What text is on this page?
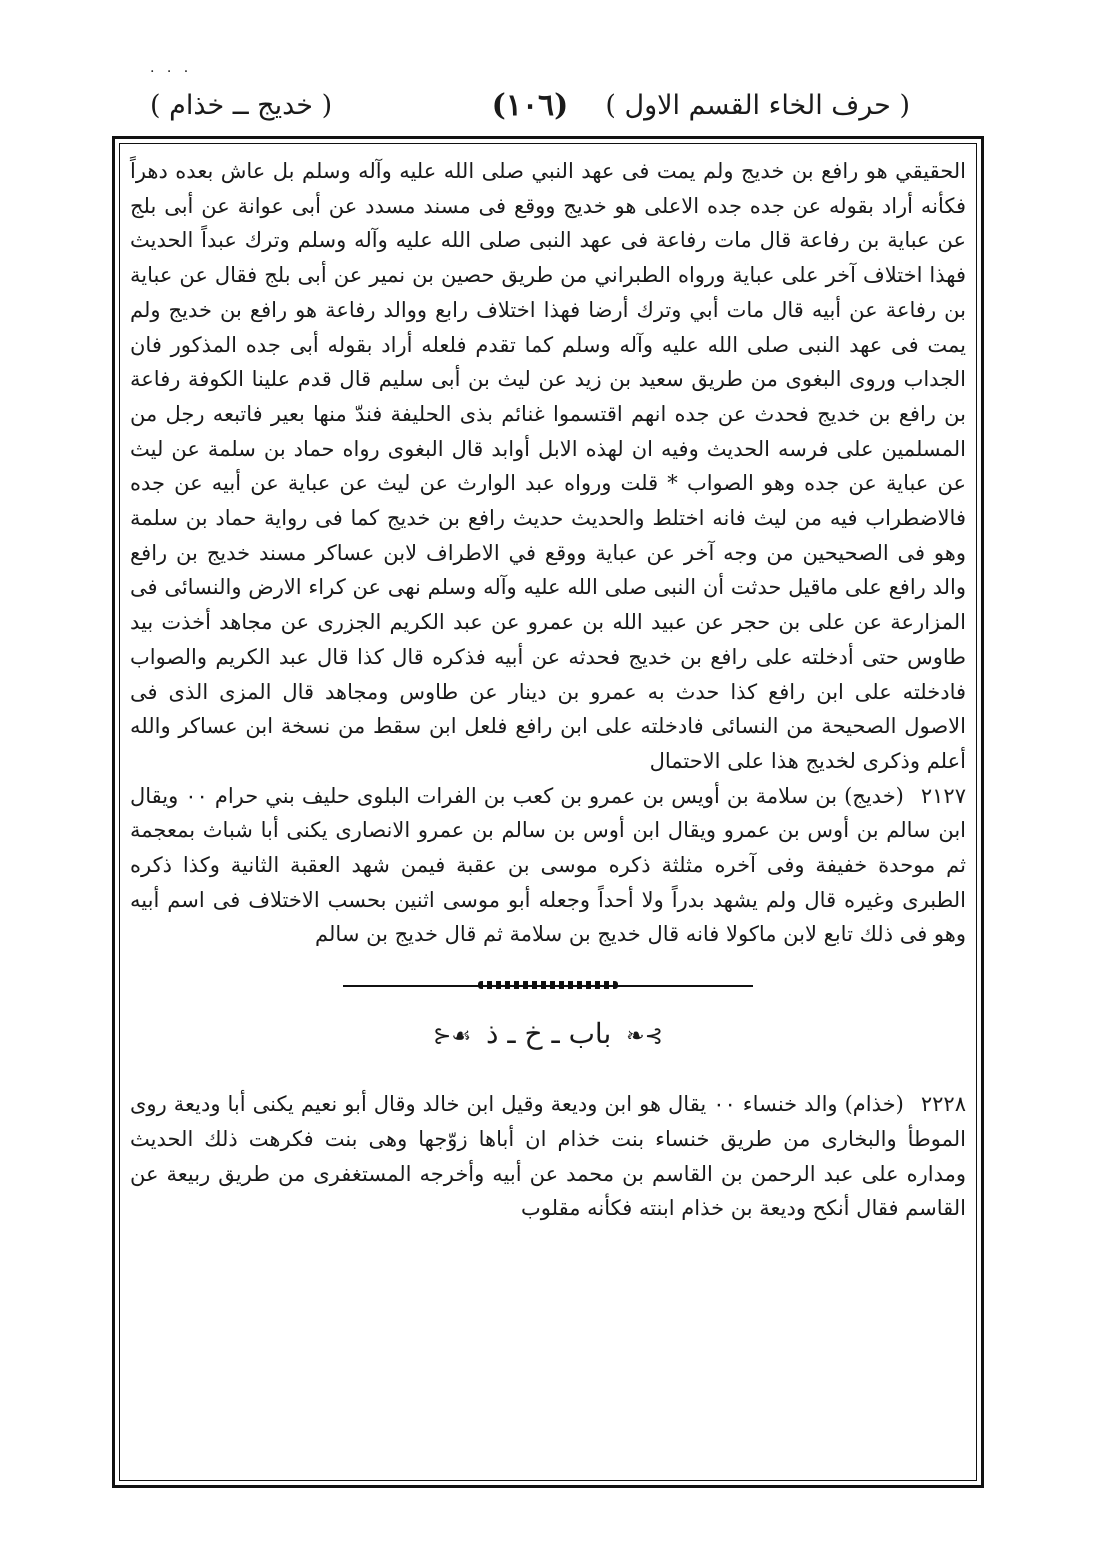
. . .
( حرف الخاء القسم الاول )
(١٠٦)
( خديج ــ خذام )

الحقيقي هو رافع بن خديج ولم يمت فى عهد النبي صلى الله عليه وآله وسلم بل عاش بعده دهراً فكأنه أراد بقوله عن جده جده الاعلى هو خديج ووقع فى مسند مسدد عن أبى عوانة عن أبى بلج عن عباية بن رفاعة قال مات رفاعة فى عهد النبى صلى الله عليه وآله وسلم وترك عبداً الحديث فهذا اختلاف آخر على عباية ورواه الطبراني من طريق حصين بن نمير عن أبى بلج فقال عن عباية بن رفاعة عن أبيه قال مات أبي وترك أرضا فهذا اختلاف رابع ووالد رفاعة هو رافع بن خديج ولم يمت فى عهد النبى صلى الله عليه وآله وسلم كما تقدم فلعله أراد بقوله أبى جده المذكور فان الجداب وروى البغوى من طريق سعيد بن زيد عن ليث بن أبى سليم قال قدم علينا الكوفة رفاعة بن رافع بن خديج فحدث عن جده انهم اقتسموا غنائم بذى الحليفة فندّ منها بعير فاتبعه رجل من المسلمين على فرسه الحديث وفيه ان لهذه الابل أوابد قال البغوى رواه حماد بن سلمة عن ليث عن عباية عن جده وهو الصواب * قلت ورواه عبد الوارث عن ليث عن عباية عن أبيه عن جده فالاضطراب فيه من ليث فانه اختلط والحديث حديث رافع بن خديج كما فى رواية حماد بن سلمة وهو فى الصحيحين من وجه آخر عن عباية ووقع في الاطراف لابن عساكر مسند خديج بن رافع والد رافع على ماقيل حدثت أن النبى صلى الله عليه وآله وسلم نهى عن كراء الارض والنسائى فى المزارعة عن على بن حجر عن عبيد الله بن عمرو عن عبد الكريم الجزرى عن مجاهد أخذت بيد طاوس حتى أدخلته على رافع بن خديج فحدثه عن أبيه فذكره قال كذا قال عبد الكريم والصواب فادخلته على ابن رافع كذا حدث به عمرو بن دينار عن طاوس ومجاهد قال المزى الذى فى الاصول الصحيحة من النسائى فادخلته على ابن رافع فلعل ابن سقط من نسخة ابن عساكر والله أعلم وذكرى لخديج هذا على الاحتمال

٢١٢٧ (خديج) بن سلامة بن أويس بن عمرو بن كعب بن الفرات البلوى حليف بني حرام ٠٠ ويقال ابن سالم بن أوس بن عمرو ويقال ابن أوس بن سالم بن عمرو الانصارى يكنى أبا شباث بمعجمة ثم موحدة خفيفة وفى آخره مثلثة ذكره موسى بن عقبة فيمن شهد العقبة الثانية وكذا ذكره الطبرى وغيره قال ولم يشهد بدراً ولا أحداً وجعله أبو موسى اثنين بحسب الاختلاف فى اسم أبيه وهو فى ذلك تابع لابن ماكولا فانه قال خديج بن سلامة ثم قال خديج بن سالم

⊱❧ باب ـ خ ـ ذ ☙⊰

٢٢٢٨ (خذام) والد خنساء ٠٠ يقال هو ابن وديعة وقيل ابن خالد وقال أبو نعيم يكنى أبا وديعة روى الموطأ والبخارى من طريق خنساء بنت خذام ان أباها زوّجها وهى بنت فكرهت ذلك الحديث ومداره على عبد الرحمن بن القاسم بن محمد عن أبيه وأخرجه المستغفرى من طريق ربيعة عن القاسم فقال أنكح وديعة بن خذام ابنته فكأنه مقلوب
